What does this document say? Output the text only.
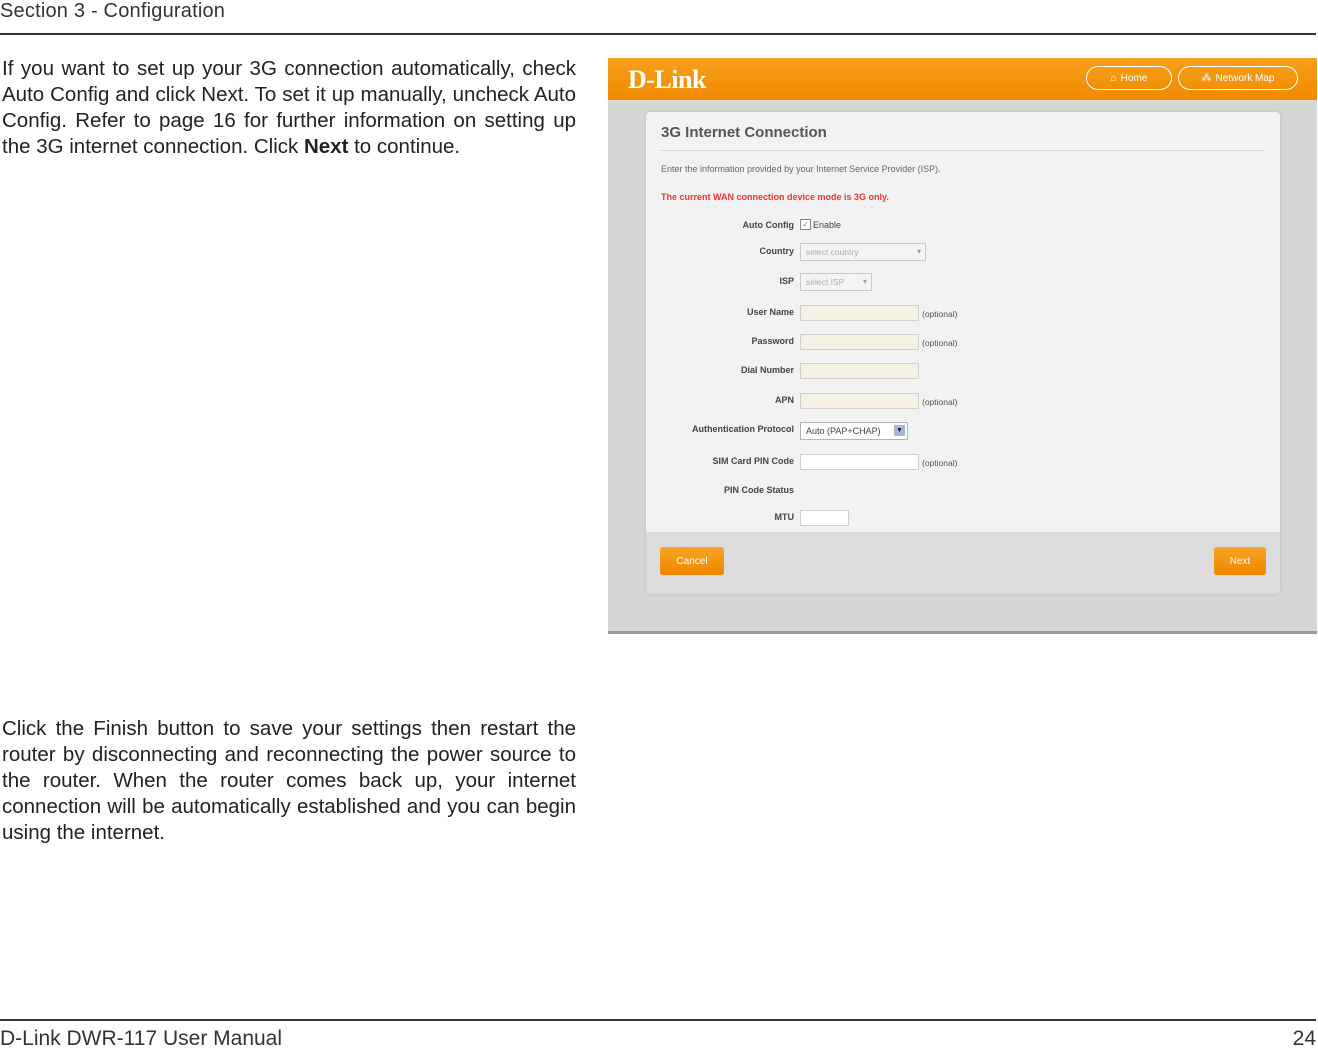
Section 3 - Configuration
If you want to set up your 3G connection automatically, check Auto Config and click Next. To set it up manually, uncheck Auto Config. Refer to page 16 for further information on setting up the 3G internet connection. Click Next to continue.
Click the Finish button to save your settings then restart the router by disconnecting and reconnecting the power source to the router. When the router comes back up, your internet connection will be automatically established and you can begin using the internet.
D-Link	⌂ Home	⁂ Network Map
3G Internet Connection
Enter the information provided by your Internet Service Provider (ISP).
The current WAN connection device mode is 3G only.
Auto Config ✓ Enable
Country	select country	▾
ISP	select ISP ▾
User Name	(optional)
Password	(optional)
Dial Number
APN	(optional)
Authentication Protocol	Auto (PAP+CHAP) ▼
SIM Card PIN Code	(optional)
PIN Code Status
MTU
Cancel	Next
D-Link DWR-117 User Manual	24
